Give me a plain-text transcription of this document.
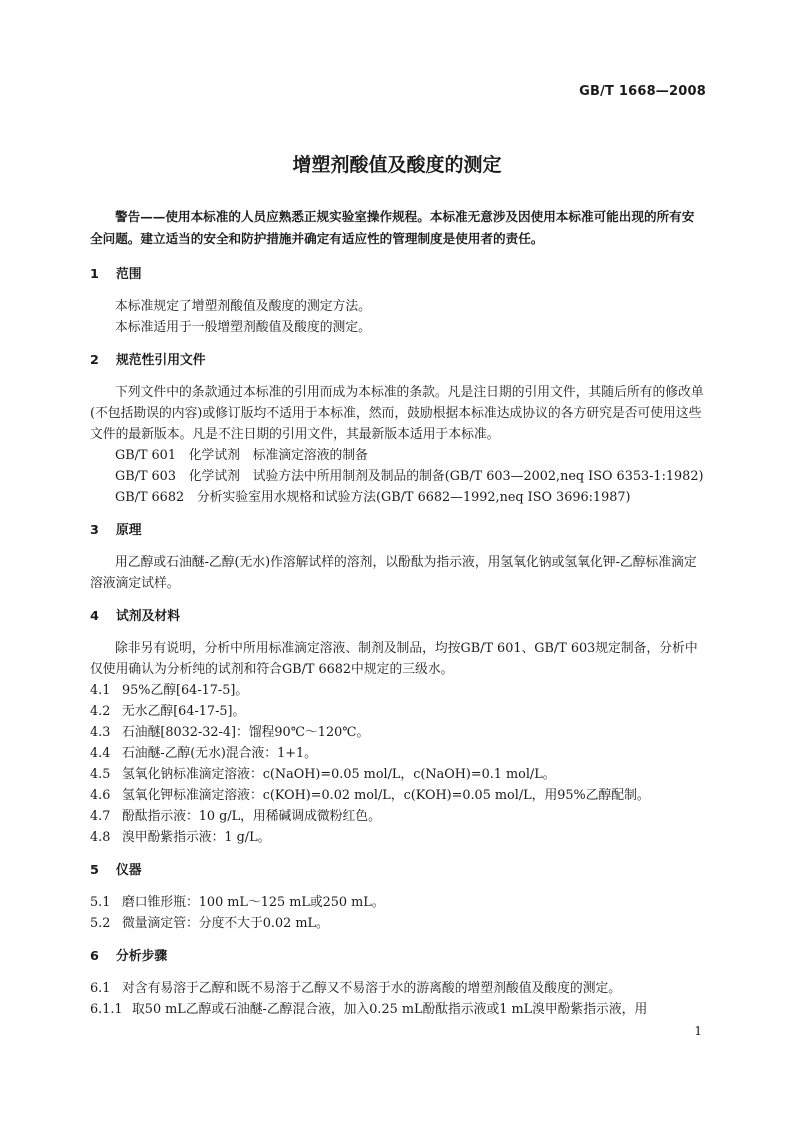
GB/T 1668—2008
增塑剂酸值及酸度的测定

警告——使用本标准的人员应熟悉正规实验室操作规程。本标准无意涉及因使用本标准可能出现的所有安全问题。建立适当的安全和防护措施并确定有适应性的管理制度是使用者的责任。

1 范围

本标准规定了增塑剂酸值及酸度的测定方法。

本标准适用于一般增塑剂酸值及酸度的测定。

2 规范性引用文件

下列文件中的条款通过本标准的引用而成为本标准的条款。凡是注日期的引用文件，其随后所有的修改单(不包括勘误的内容)或修订版均不适用于本标准，然而，鼓励根据本标准达成协议的各方研究是否可使用这些文件的最新版本。凡是不注日期的引用文件，其最新版本适用于本标准。

GB/T 601　化学试剂　标准滴定溶液的制备

GB/T 603　化学试剂　试验方法中所用制剂及制品的制备(GB/T 603—2002,neq ISO 6353-1:1982)

GB/T 6682　分析实验室用水规格和试验方法(GB/T 6682—1992,neq ISO 3696:1987)

3 原理

用乙醇或石油醚-乙醇(无水)作溶解试样的溶剂，以酚酞为指示液，用氢氧化钠或氢氧化钾-乙醇标准滴定溶液滴定试样。

4 试剂及材料

除非另有说明，分析中所用标准滴定溶液、制剂及制品，均按GB/T 601、GB/T 603规定制备，分析中仅使用确认为分析纯的试剂和符合GB/T 6682中规定的三级水。

4.1 95%乙醇[64-17-5]。
4.2 无水乙醇[64-17-5]。
4.3 石油醚[8032-32-4]：馏程90℃～120℃。
4.4 石油醚-乙醇(无水)混合液：1+1。
4.5 氢氧化钠标准滴定溶液：c(NaOH)=0.05 mol/L，c(NaOH)=0.1 mol/L。
4.6 氢氧化钾标准滴定溶液：c(KOH)=0.02 mol/L，c(KOH)=0.05 mol/L，用95%乙醇配制。
4.7 酚酞指示液：10 g/L，用稀碱调成微粉红色。
4.8 溴甲酚紫指示液：1 g/L。
5 仪器
5.1 磨口锥形瓶：100 mL～125 mL或250 mL。
5.2 微量滴定管：分度不大于0.02 mL。
6 分析步骤
6.1 对含有易溶于乙醇和既不易溶于乙醇又不易溶于水的游离酸的增塑剂酸值及酸度的测定。
6.1.1 取50 mL乙醇或石油醚-乙醇混合液，加入0.25 mL酚酞指示液或1 mL溴甲酚紫指示液，用
1
